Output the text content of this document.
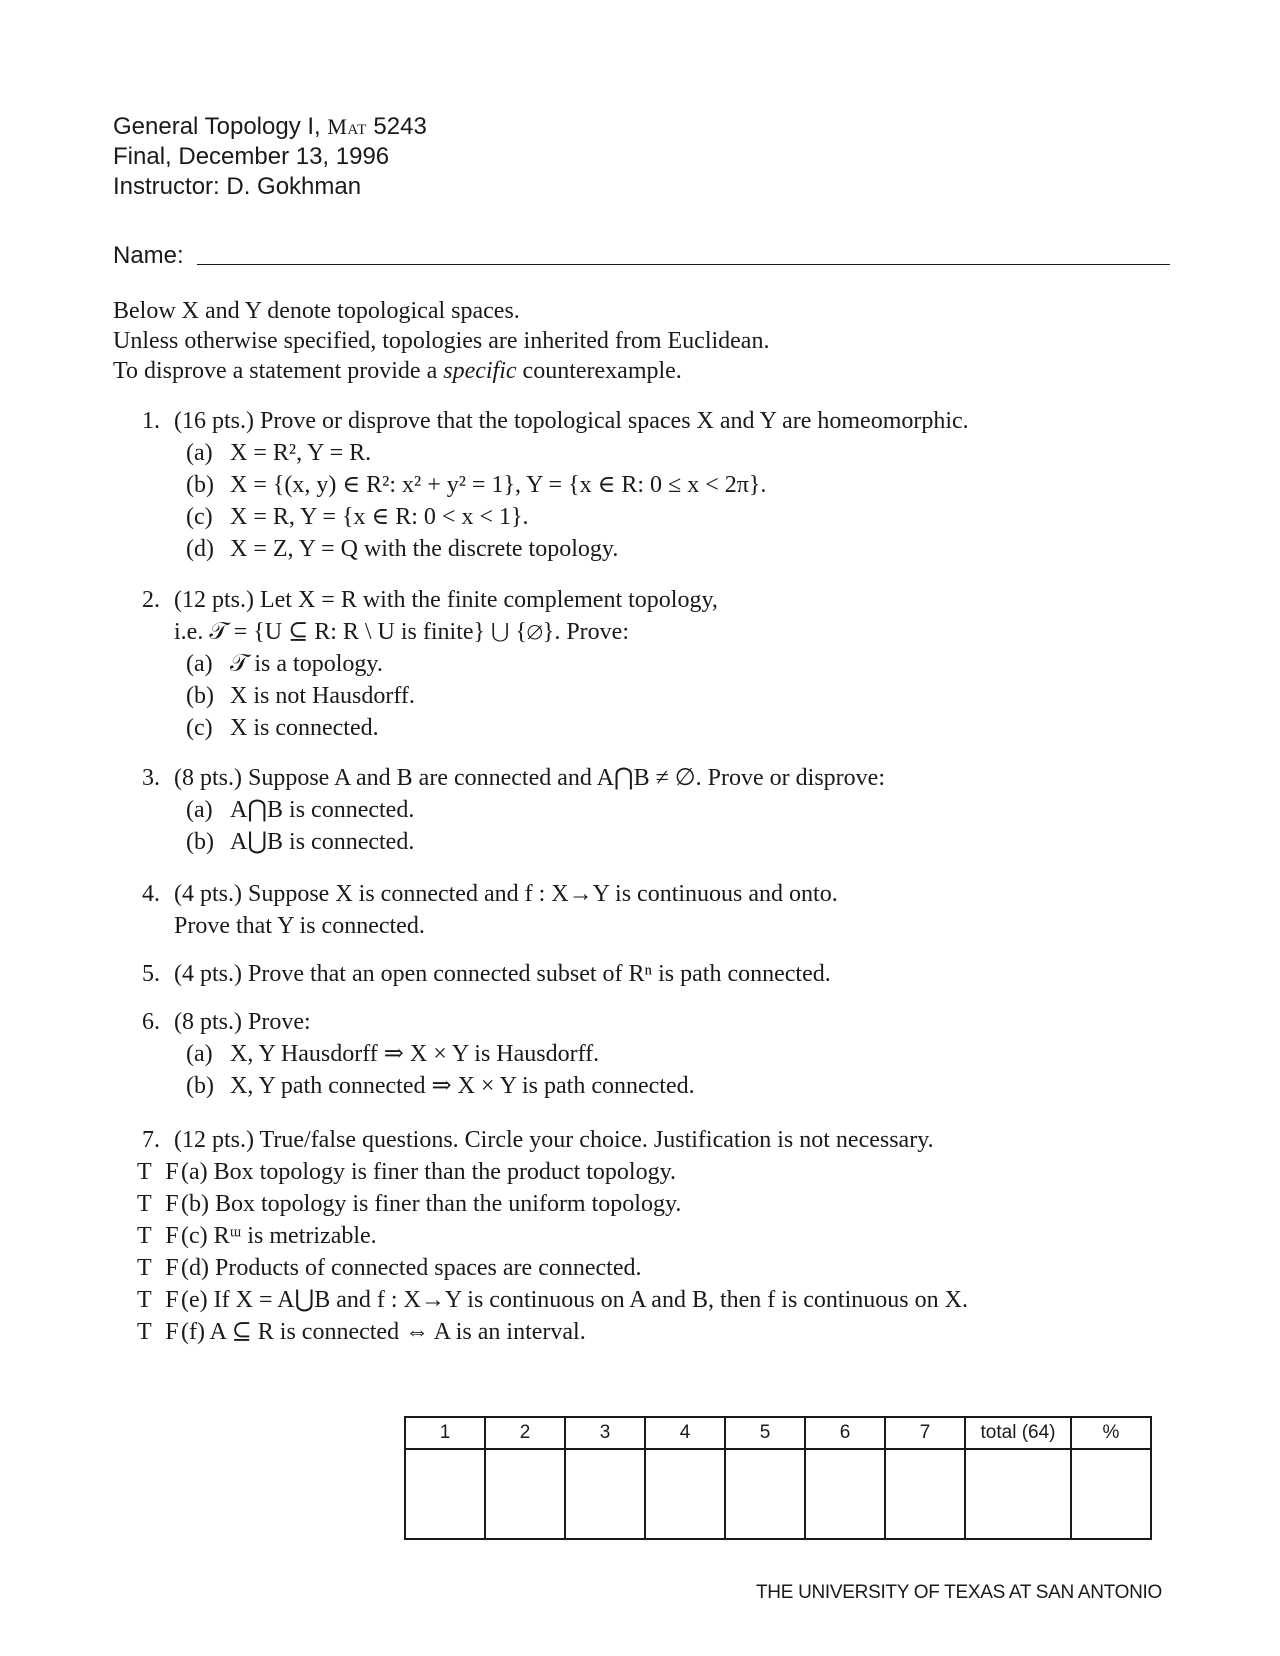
General Topology I, Mat 5243
Final, December 13, 1996
Instructor: D. Gokhman
Name:
Below X and Y denote topological spaces.
Unless otherwise specified, topologies are inherited from Euclidean.
To disprove a statement provide a specific counterexample.
1. (16 pts.) Prove or disprove that the topological spaces X and Y are homeomorphic.
(a) X = R², Y = R.
(b) X = {(x, y) ∈ R²: x² + y² = 1}, Y = {x ∈ R: 0 ≤ x < 2π}.
(c) X = R, Y = {x ∈ R: 0 < x < 1}.
(d) X = Z, Y = Q with the discrete topology.
2. (12 pts.) Let X = R with the finite complement topology,
i.e. 𝒯 = {U ⊆ R: R \ U is finite} ⋃ {∅}. Prove:
(a) 𝒯 is a topology.
(b) X is not Hausdorff.
(c) X is connected.
3. (8 pts.) Suppose A and B are connected and A⋂B ≠ ∅. Prove or disprove:
(a) A⋂B is connected.
(b) A⋃B is connected.
4. (4 pts.) Suppose X is connected and f : X→Y is continuous and onto.
Prove that Y is connected.
5. (4 pts.) Prove that an open connected subset of Rⁿ is path connected.
6. (8 pts.) Prove:
(a) X, Y Hausdorff ⇒ X × Y is Hausdorff.
(b) X, Y path connected ⇒ X × Y is path connected.
7. (12 pts.) True/false questions. Circle your choice. Justification is not necessary.
T F (a) Box topology is finer than the product topology.
T F (b) Box topology is finer than the uniform topology.
T F (c) Rᵚ is metrizable.
T F (d) Products of connected spaces are connected.
T F (e) If X = A⋃B and f : X→Y is continuous on A and B, then f is continuous on X.
T F (f) A ⊆ R is connected ⇔ A is an interval.
1	2	3	4	5	6	7	total (64)	%

THE UNIVERSITY OF TEXAS AT SAN ANTONIO
